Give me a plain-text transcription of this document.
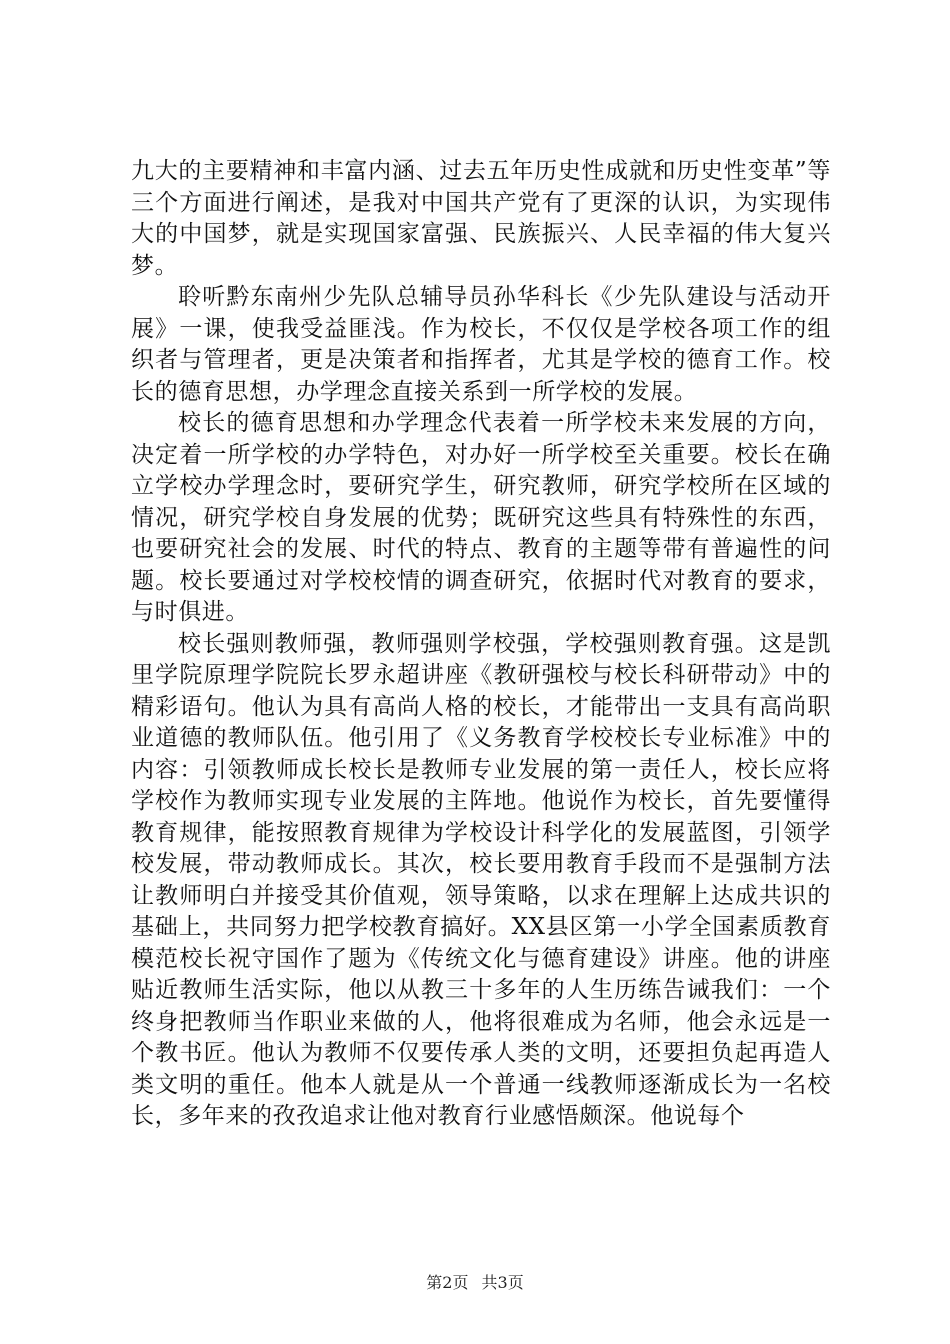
九大的主要精神和丰富内涵、过去五年历史性成就和历史性变革”等三个方面进行阐述，是我对中国共产党有了更深的认识，为实现伟大的中国梦，就是实现国家富强、民族振兴、人民幸福的伟大复兴梦。

聆听黔东南州少先队总辅导员孙华科长《少先队建设与活动开展》一课，使我受益匪浅。作为校长，不仅仅是学校各项工作的组织者与管理者，更是决策者和指挥者，尤其是学校的德育工作。校长的德育思想，办学理念直接关系到一所学校的发展。

校长的德育思想和办学理念代表着一所学校未来发展的方向，决定着一所学校的办学特色，对办好一所学校至关重要。校长在确立学校办学理念时，要研究学生，研究教师，研究学校所在区域的情况，研究学校自身发展的优势；既研究这些具有特殊性的东西，也要研究社会的发展、时代的特点、教育的主题等带有普遍性的问题。校长要通过对学校校情的调查研究，依据时代对教育的要求，与时俱进。

校长强则教师强，教师强则学校强，学校强则教育强。这是凯里学院原理学院院长罗永超讲座《教研强校与校长科研带动》中的精彩语句。他认为具有高尚人格的校长，才能带出一支具有高尚职业道德的教师队伍。他引用了《义务教育学校校长专业标准》中的内容：引领教师成长校长是教师专业发展的第一责任人，校长应将学校作为教师实现专业发展的主阵地。他说作为校长，首先要懂得教育规律，能按照教育规律为学校设计科学化的发展蓝图，引领学校发展，带动教师成长。其次，校长要用教育手段而不是强制方法让教师明白并接受其价值观，领导策略，以求在理解上达成共识的基础上，共同努力把学校教育搞好。XX县区第一小学全国素质教育模范校长祝守国作了题为《传统文化与德育建设》讲座。他的讲座贴近教师生活实际，他以从教三十多年的人生历练告诫我们：一个终身把教师当作职业来做的人，他将很难成为名师，他会永远是一个教书匠。他认为教师不仅要传承人类的文明，还要担负起再造人类文明的重任。他本人就是从一个普通一线教师逐渐成长为一名校长，多年来的孜孜追求让他对教育行业感悟颇深。他说每个

第2页 共3页
